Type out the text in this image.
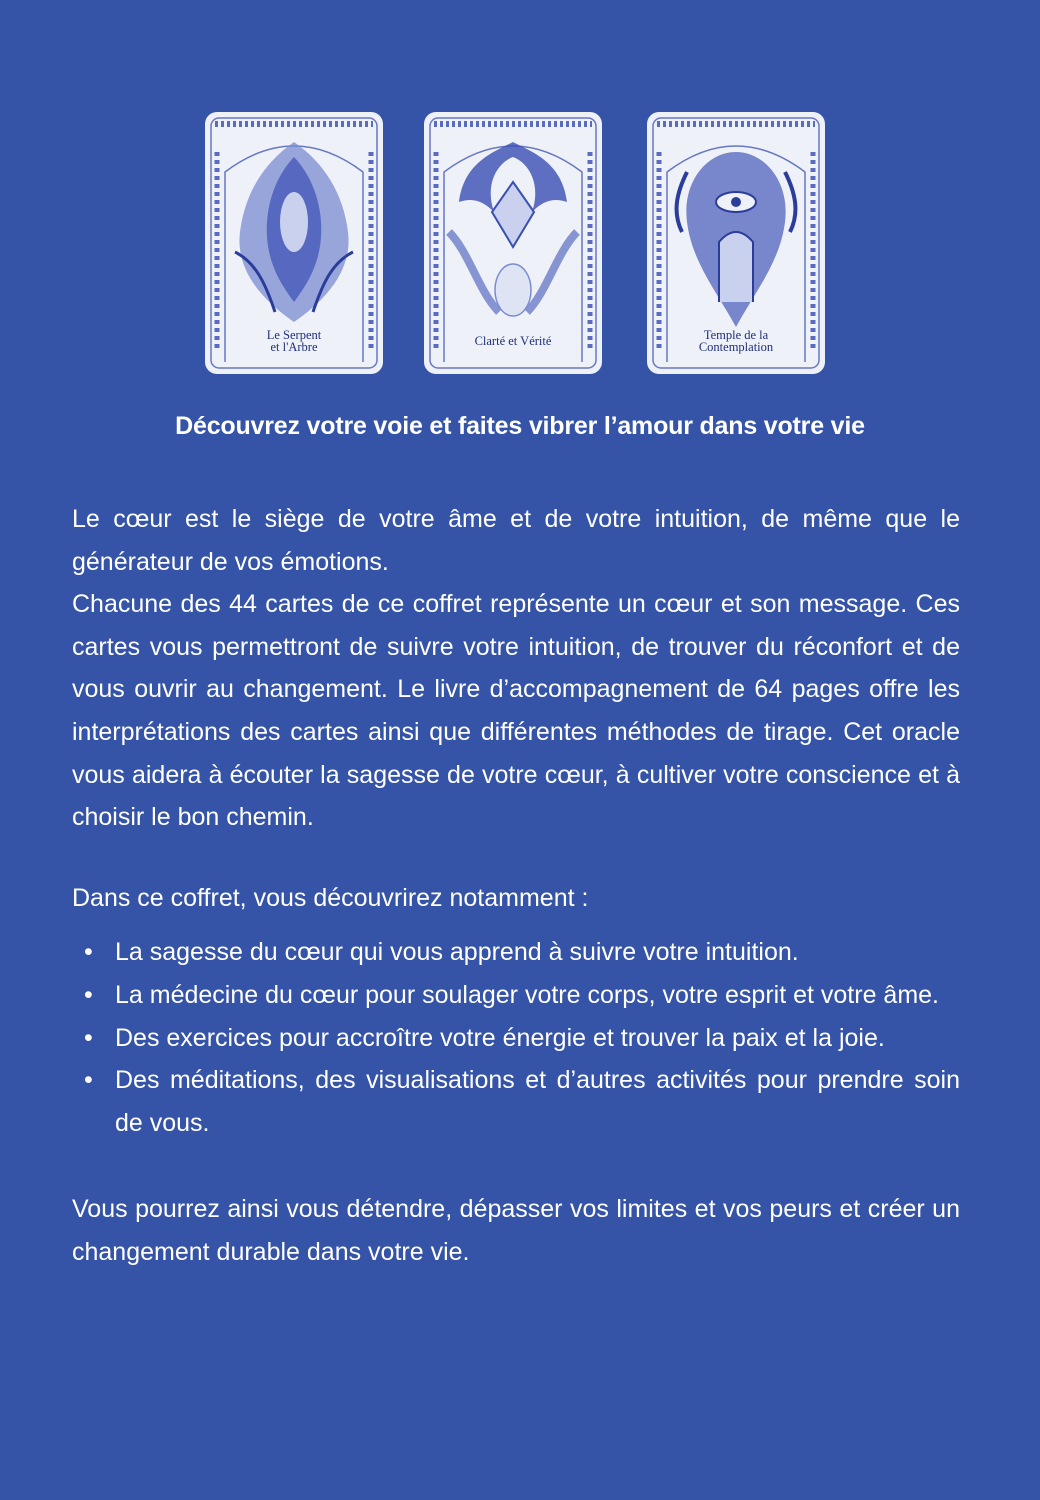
Le Serpent
et l'Arbre	Clarté et Vérité	Temple de la
Contemplation
Découvrez votre voie et faites vibrer l’amour dans votre vie

Le cœur est le siège de votre âme et de votre intuition, de même que le générateur de vos émotions.

Chacune des 44 cartes de ce coffret représente un cœur et son message. Ces cartes vous permettront de suivre votre intuition, de trouver du réconfort et de vous ouvrir au changement. Le livre d’accompagnement de 64 pages offre les interprétations des cartes ainsi que différentes méthodes de tirage. Cet oracle vous aidera à écouter la sagesse de votre cœur, à cultiver votre conscience et à choisir le bon chemin.

Dans ce coffret, vous découvrirez notamment :

• La sagesse du cœur qui vous apprend à suivre votre intuition.
• La médecine du cœur pour soulager votre corps, votre esprit et votre âme.
• Des exercices pour accroître votre énergie et trouver la paix et la joie.
• Des méditations, des visualisations et d’autres activités pour prendre soin de vous.

Vous pourrez ainsi vous détendre, dépasser vos limites et vos peurs et créer un changement durable dans votre vie.
